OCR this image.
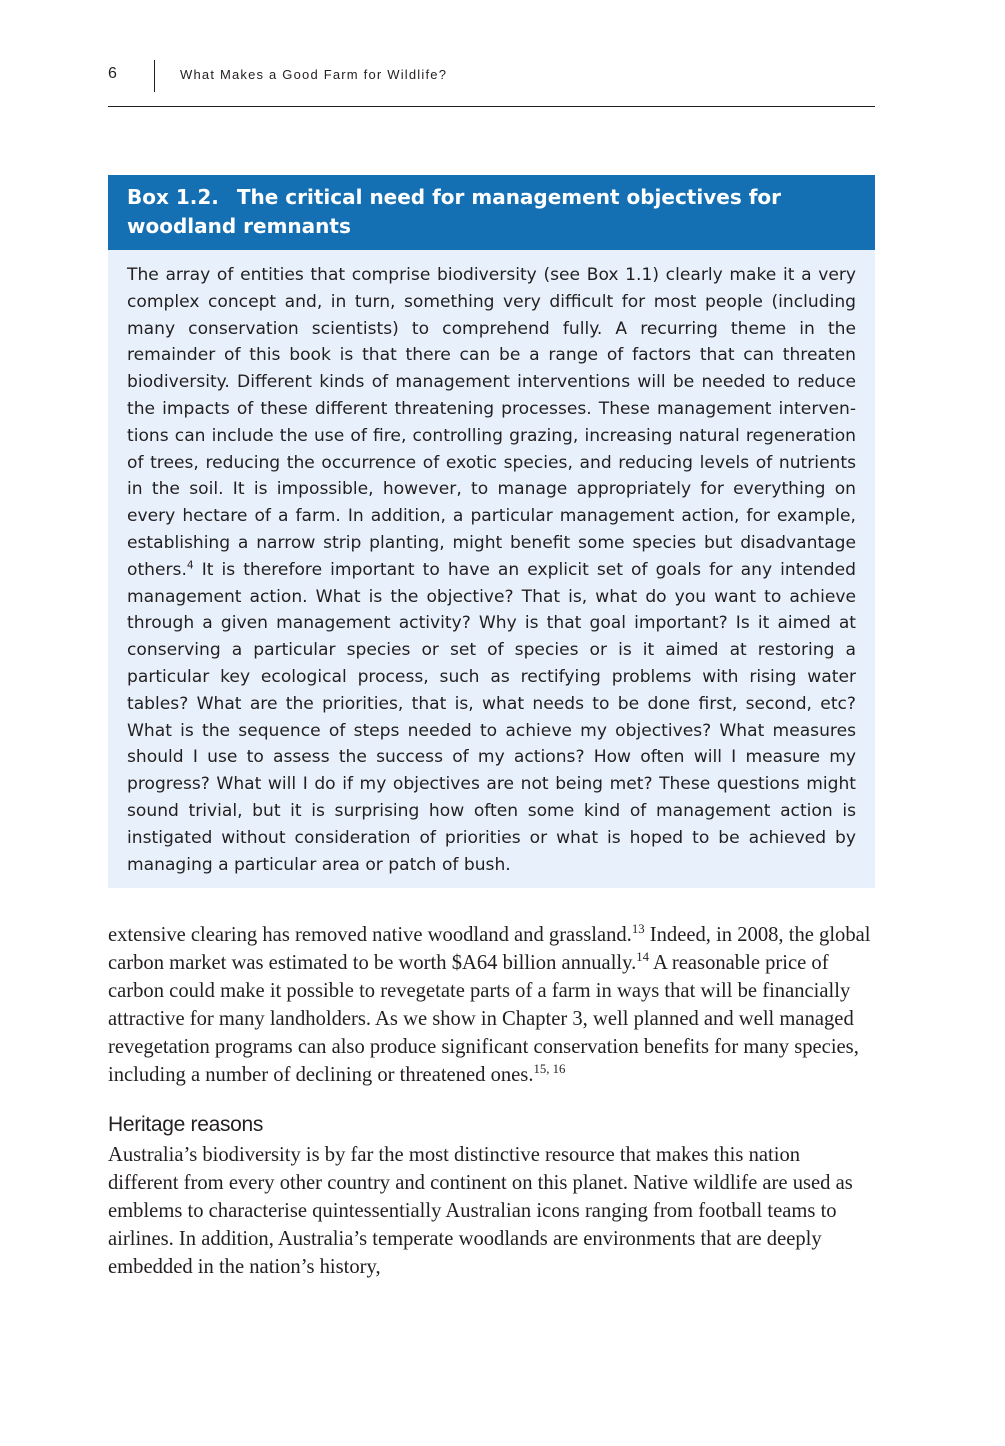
6	What Makes a Good Farm for Wildlife?
Box 1.2. The critical need for management objectives for woodland remnants

The array of entities that comprise biodiversity (see Box 1.1) clearly make it a very complex concept and, in turn, something very difficult for most people (including many conservation scientists) to comprehend fully. A recurring theme in the remainder of this book is that there can be a range of factors that can threaten biodiversity. Different kinds of management interventions will be needed to reduce the impacts of these different threatening processes. These management interventions can include the use of fire, controlling grazing, increasing natural regeneration of trees, reducing the occurrence of exotic species, and reducing levels of nutrients in the soil. It is impossible, however, to manage appropriately for everything on every hectare of a farm. In addition, a particular management action, for example, establishing a narrow strip planting, might benefit some species but disadvantage others.$^4$ It is therefore important to have an explicit set of goals for any intended management action. What is the objective? That is, what do you want to achieve through a given management activity? Why is that goal important? Is it aimed at conserving a particular species or set of species or is it aimed at restoring a particular key ecological process, such as rectifying problems with rising water tables? What are the priorities, that is, what needs to be done first, second, etc? What is the sequence of steps needed to achieve my objectives? What measures should I use to assess the success of my actions? How often will I measure my progress? What will I do if my objectives are not being met? These questions might sound trivial, but it is surprising how often some kind of management action is instigated without consideration of priorities or what is hoped to be achieved by managing a particular area or patch of bush.

extensive clearing has removed native woodland and grassland.$^{13}$ Indeed, in 2008, the global carbon market was estimated to be worth $A64 billion annually.$^{14}$ A reasonable price of carbon could make it possible to revegetate parts of a farm in ways that will be financially attractive for many landholders. As we show in Chapter 3, well planned and well managed revegetation programs can also produce significant conservation benefits for many species, including a number of declining or threatened ones.$^{15, 16}$

Heritage reasons

Australia’s biodiversity is by far the most distinctive resource that makes this nation different from every other country and continent on this planet. Native wildlife are used as emblems to characterise quintessentially Australian icons ranging from football teams to airlines. In addition, Australia’s temperate woodlands are environments that are deeply embedded in the nation’s history,
